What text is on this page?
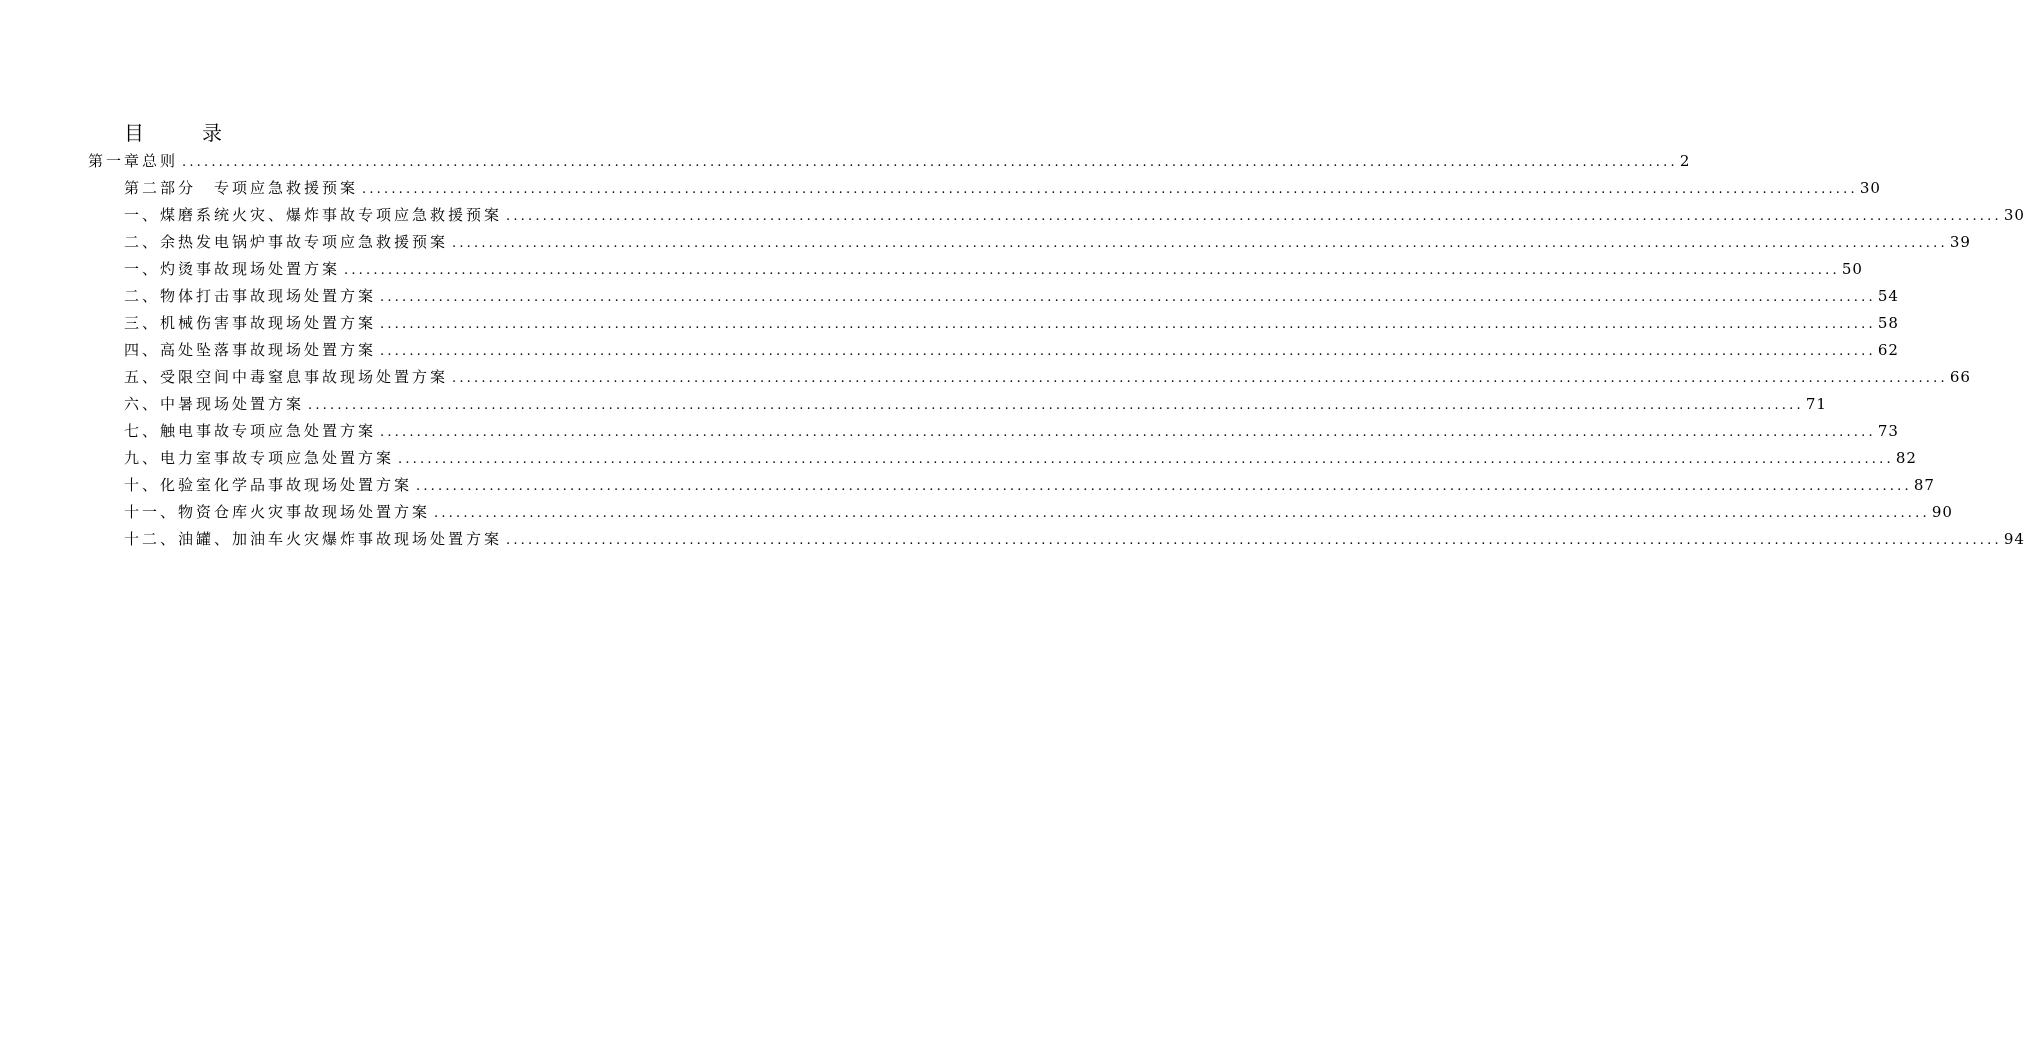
目	录
第一章总则 ............................................................................................................................................................................................................ 2
第二部分　专项应急救援预案 ............................................................................................................................................................................................................ 30
一、煤磨系统火灾、爆炸事故专项应急救援预案 ............................................................................................................................................................................................................ 30
二、余热发电锅炉事故专项应急救援预案 ............................................................................................................................................................................................................ 39
一、灼烫事故现场处置方案 ............................................................................................................................................................................................................ 50
二、物体打击事故现场处置方案 ............................................................................................................................................................................................................ 54
三、机械伤害事故现场处置方案 ............................................................................................................................................................................................................ 58
四、高处坠落事故现场处置方案 ............................................................................................................................................................................................................ 62
五、受限空间中毒窒息事故现场处置方案 ............................................................................................................................................................................................................ 66
六、中暑现场处置方案 ............................................................................................................................................................................................................ 71
七、触电事故专项应急处置方案 ............................................................................................................................................................................................................ 73
九、电力室事故专项应急处置方案 ............................................................................................................................................................................................................ 82
十、化验室化学品事故现场处置方案 ............................................................................................................................................................................................................ 87
十一、物资仓库火灾事故现场处置方案 ............................................................................................................................................................................................................ 90
十二、油罐、加油车火灾爆炸事故现场处置方案 ............................................................................................................................................................................................................ 94
